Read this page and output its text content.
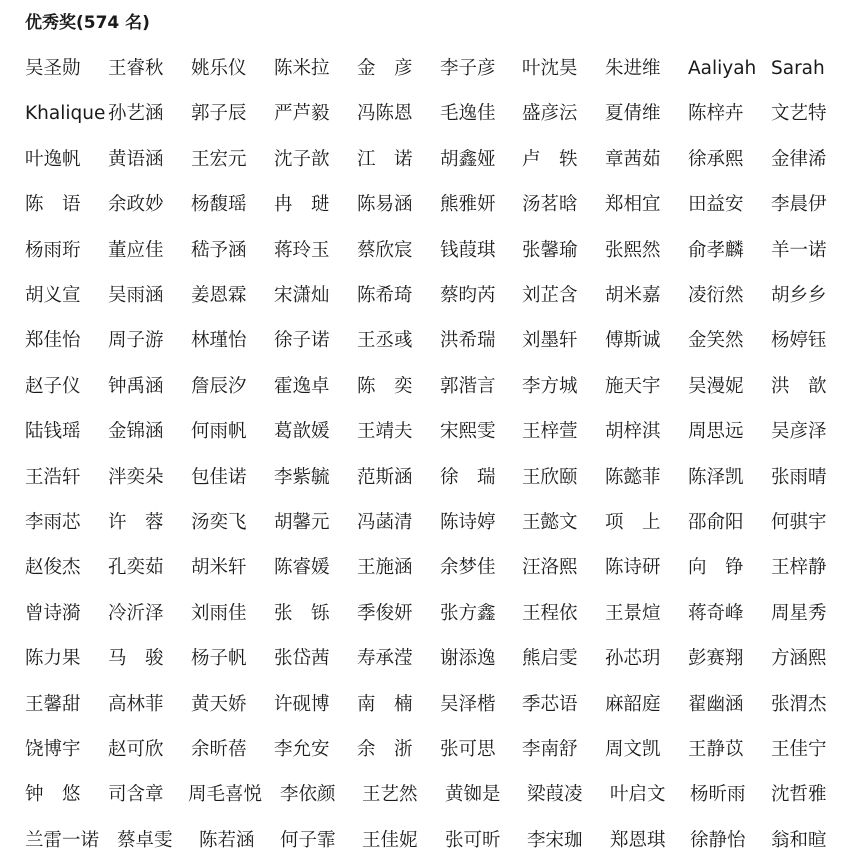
优秀奖(574 名)
吴圣勋 王睿秋 姚乐仪 陈米拉 金　彦 李子彦 叶沈昊 朱进维 Aaliyah Sarah
Khalique 孙艺涵 郭子辰 严芦毅 冯陈恩 毛逸佳 盛彦沄 夏倩维 陈梓卉 文艺特
叶逸帆 黄语涵 王宏元 沈子歆 江　诺 胡鑫娅 卢　轶 章茜茹 徐承熙 金律浠
陈　语 余政妙 杨馥瑶 冉　琎 陈易涵 熊雅妍 汤茗晗 郑相宜 田益安 李晨伊
杨雨珩 董应佳 嵇予涵 蒋玲玉 蔡欣宸 钱葭琪 张馨瑜 张熙然 俞孝麟 羊一诺
胡义宣 吴雨涵 姜恩霖 宋潇灿 陈希琦 蔡昀芮 刘芷含 胡米嘉 凌衍然 胡乡乡
郑佳怡 周子游 林瑾怡 徐子诺 王丞彧 洪希瑞 刘墨轩 傅斯诚 金笑然 杨婷钰
赵子仪 钟禹涵 詹辰汐 霍逸卓 陈　奕 郭湝言 李方城 施天宇 吴漫妮 洪　歆
陆钱瑶 金锦涵 何雨帆 葛歆媛 王靖夫 宋熙雯 王梓萱 胡梓淇 周思远 吴彦泽
王浩轩 泮奕朵 包佳诺 李紫毓 范斯涵 徐　瑞 王欣颐 陈懿菲 陈泽凯 张雨晴
李雨芯 许　蓉 汤奕飞 胡馨元 冯菡清 陈诗婷 王懿文 项　上 邵俞阳 何骐宇
赵俊杰 孔奕茹 胡米轩 陈睿媛 王施涵 余梦佳 汪洛熙 陈诗研 向　铮 王梓静
曾诗漪 冷沂泽 刘雨佳 张　铄 季俊妍 张方鑫 王程依 王景煊 蒋奇峰 周星秀
陈力果 马　骏 杨子帆 张岱茜 寿承滢 谢添逸 熊启雯 孙芯玥 彭赛翔 方涵熙
王馨甜 高林菲 黄天娇 许砚博 南　楠 吴泽楷 季芯语 麻韶庭 翟幽涵 张渭杰
饶博宇 赵可欣 余昕蓓 李允安 余　浙 张可思 李南舒 周文凯 王静苡 王佳宁
钟　悠 司含章 周毛喜悦 李依颜 王艺然 黄铷是 梁葭凌 叶启文 杨昕雨 沈哲雅
兰雷一诺 蔡卓雯 陈若涵 何子霏 王佳妮 张可昕 李宋珈 郑恩琪 徐静怡 翁和暄
